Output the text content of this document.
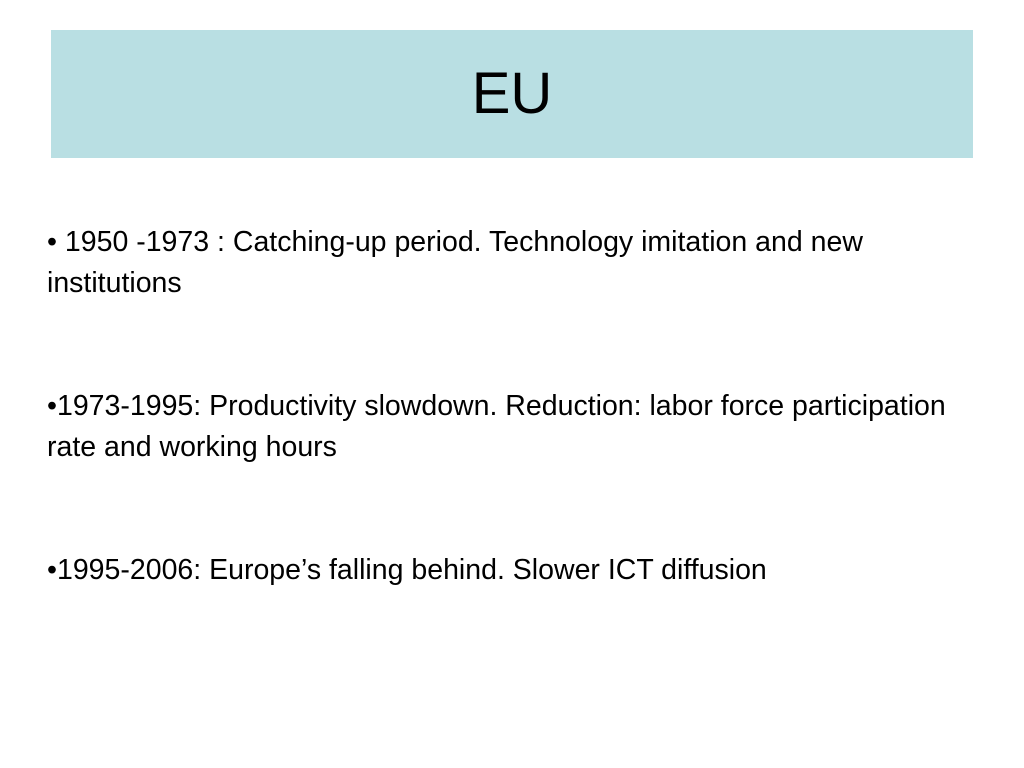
EU
• 1950 -1973 : Catching-up period. Technology imitation and new institutions
•1973-1995: Productivity slowdown. Reduction: labor force participation rate and working hours
•1995-2006: Europe’s falling behind. Slower ICT diffusion
